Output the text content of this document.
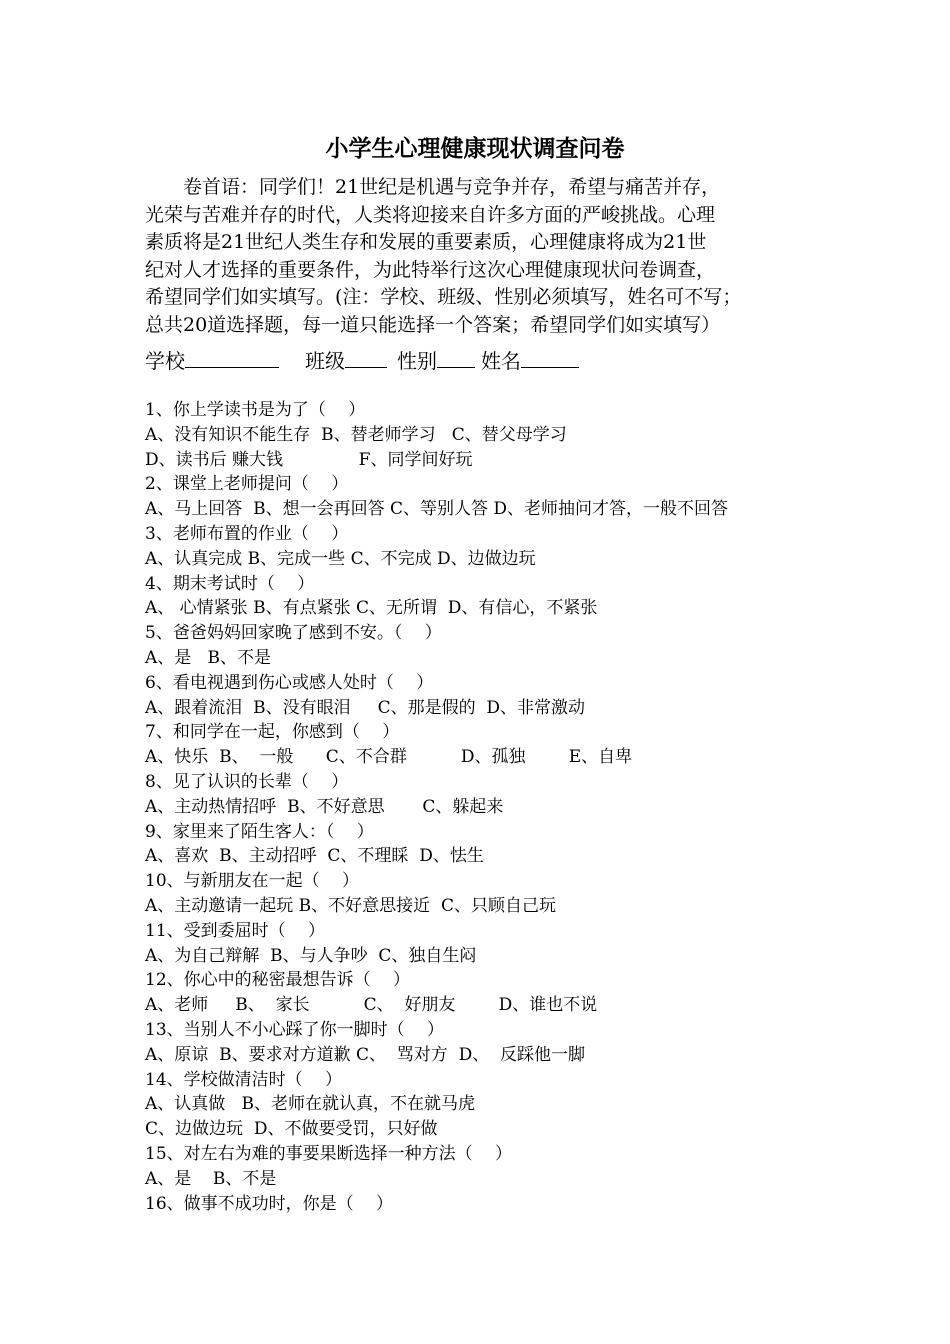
小学生心理健康现状调查问卷
　　卷首语：同学们！21世纪是机遇与竞争并存，希望与痛苦并存，
光荣与苦难并存的时代，人类将迎接来自许多方面的严峻挑战。心理
素质将是21世纪人类生存和发展的重要素质，心理健康将成为21世
纪对人才选择的重要条件，为此特举行这次心理健康现状问卷调查，
希望同学们如实填写。(注：学校、班级、性别必须填写，姓名可不写；
总共20道选择题，每一道只能选择一个答案；希望同学们如实填写）
学校	班级	性别 姓名
1、你上学读书是为了（　 ）
A、没有知识不能生存  B、替老师学习   C、替父母学习
D、读书后 赚大钱              F、同学间好玩
2、课堂上老师提问（　 ）
A、马上回答  B、想一会再回答 C、等别人答 D、老师抽问才答，一般不回答
3、老师布置的作业（　 ）
A、认真完成 B、完成一些 C、不完成 D、边做边玩
4、期末考试时（　 ）
A、 心情紧张 B、有点紧张 C、无所谓  D、有信心，不紧张
5、爸爸妈妈回家晚了感到不安。（　 ）
A、是   B、不是
6、看电视遇到伤心或感人处时（　 ）
A、跟着流泪  B、没有眼泪     C、那是假的  D、非常激动
7、和同学在一起，你感到（　 ）
A、快乐  B、  一般      C、不合群          D、孤独        E、自卑
8、见了认识的长辈（　 ）
A、主动热情招呼  B、不好意思       C、躲起来
9、家里来了陌生客人：（　 ）
A、喜欢  B、主动招呼  C、不理睬  D、怯生
10、与新朋友在一起（　 ）
A、主动邀请一起玩 B、不好意思接近  C、只顾自己玩
11、受到委屈时（　 ）
A、为自己辩解  B、与人争吵  C、独自生闷
12、你心中的秘密最想告诉（　 ）
A、老师     B、  家长          C、  好朋友        D、谁也不说
13、当别人不小心踩了你一脚时（　 ）
A、原谅  B、要求对方道歉 C、  骂对方  D、  反踩他一脚
14、学校做清洁时（　 ）
A、认真做   B、老师在就认真，不在就马虎
C、边做边玩  D、不做要受罚，只好做
15、对左右为难的事要果断选择一种方法（　 ）
A、是    B、不是
16、做事不成功时，你是（　 ）
